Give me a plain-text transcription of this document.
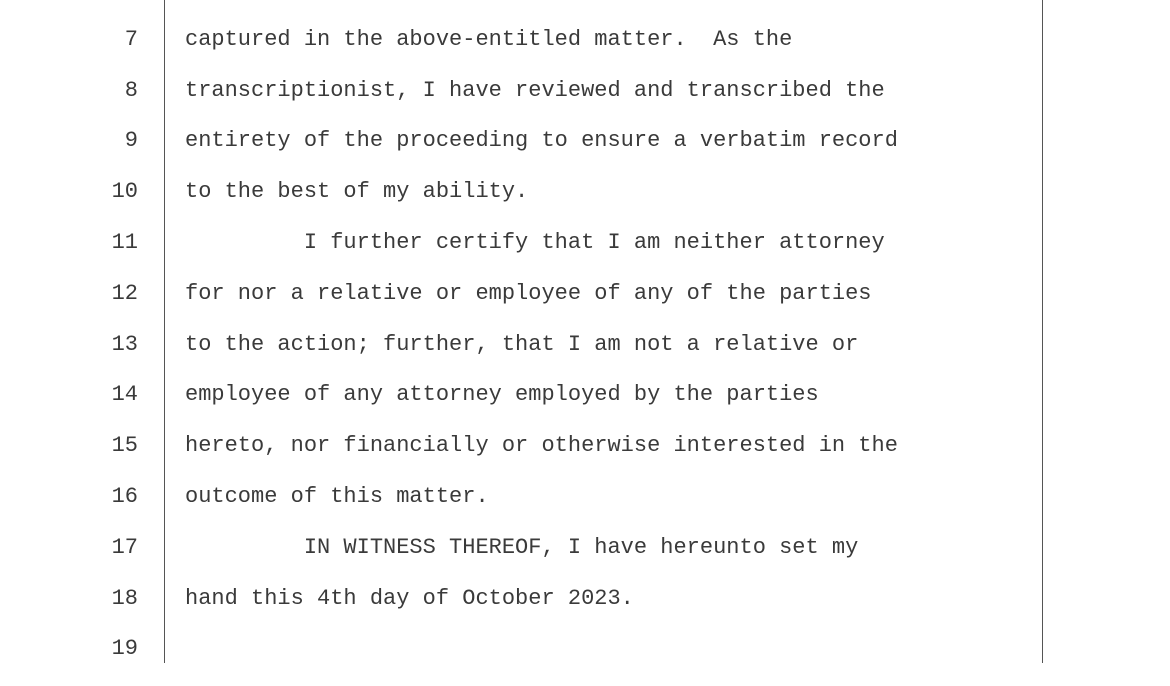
7 captured in the above-entitled matter.  As the
8 transcriptionist, I have reviewed and transcribed the
9 entirety of the proceeding to ensure a verbatim record
10 to the best of my ability.
11 I further certify that I am neither attorney
12 for nor a relative or employee of any of the parties
13 to the action; further, that I am not a relative or
14 employee of any attorney employed by the parties
15 hereto, nor financially or otherwise interested in the
16 outcome of this matter.
17 IN WITNESS THEREOF, I have hereunto set my
18 hand this 4th day of October 2023.
19
